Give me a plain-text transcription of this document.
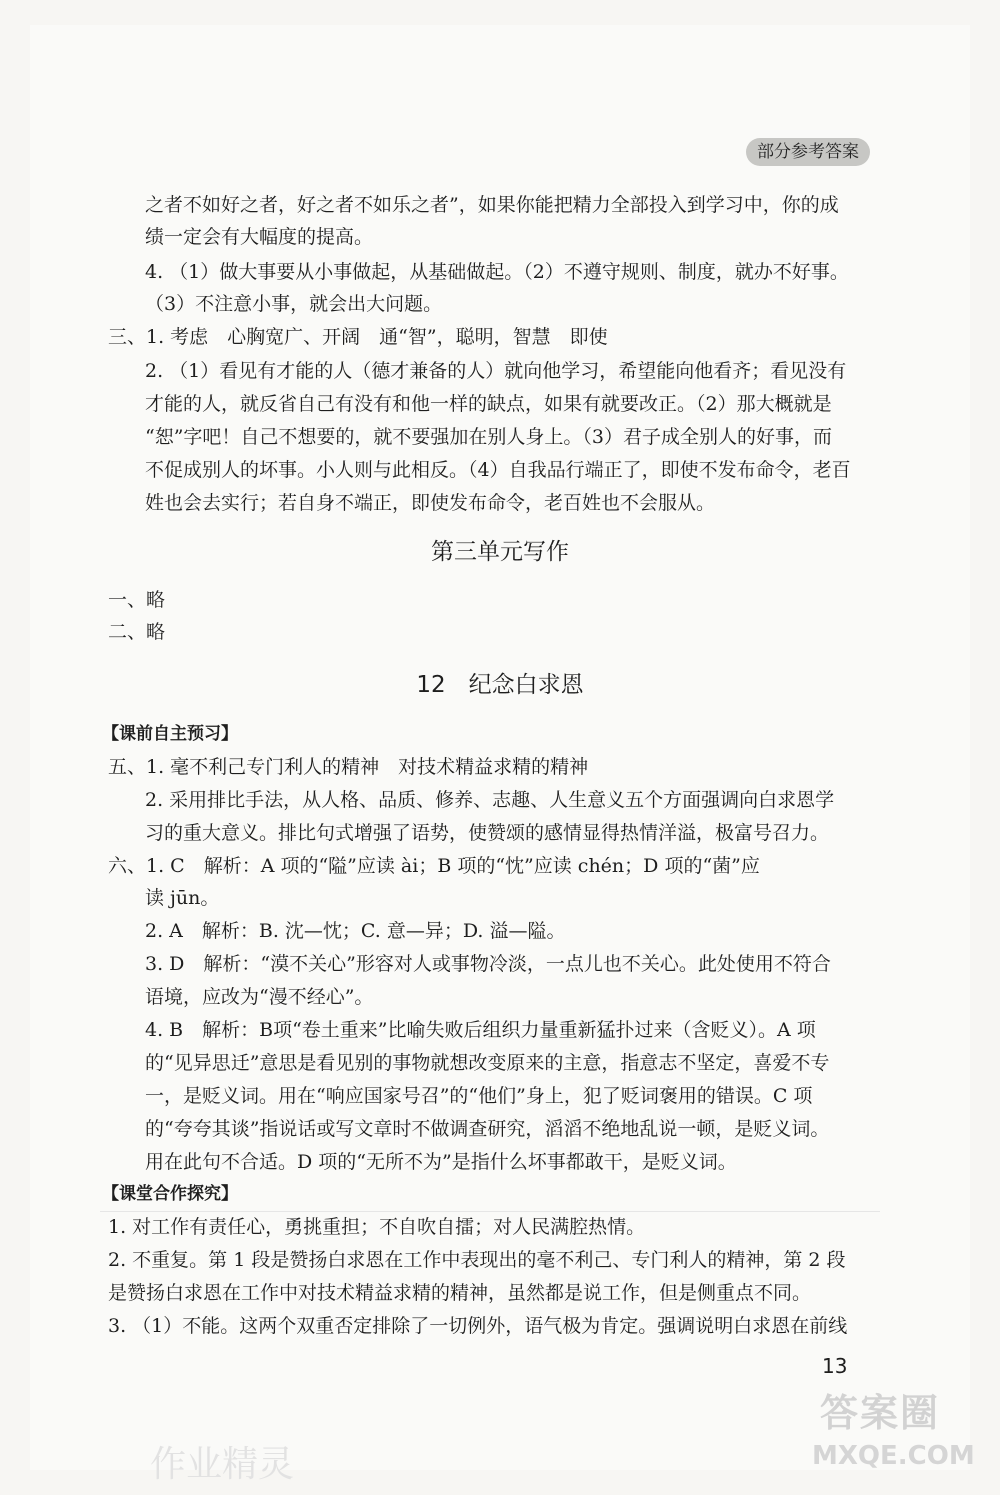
部分参考答案
之者不如好之者，好之者不如乐之者”，如果你能把精力全部投入到学习中，你的成
绩一定会有大幅度的提高。
4. （1）做大事要从小事做起，从基础做起。（2）不遵守规则、制度，就办不好事。
（3）不注意小事，就会出大问题。
三、1. 考虑　心胸宽广、开阔　通“智”，聪明，智慧　即使
2. （1）看见有才能的人（德才兼备的人）就向他学习，希望能向他看齐；看见没有
才能的人，就反省自己有没有和他一样的缺点，如果有就要改正。（2）那大概就是
“恕”字吧！自己不想要的，就不要强加在别人身上。（3）君子成全别人的好事，而
不促成别人的坏事。小人则与此相反。（4）自我品行端正了，即使不发布命令，老百
姓也会去实行；若自身不端正，即使发布命令，老百姓也不会服从。
第三单元写作
一、略
二、略
12　纪念白求恩
【课前自主预习】
五、1. 毫不利己专门利人的精神　对技术精益求精的精神
2. 采用排比手法，从人格、品质、修养、志趣、人生意义五个方面强调向白求恩学
习的重大意义。排比句式增强了语势，使赞颂的感情显得热情洋溢，极富号召力。
六、1. C　解析：A 项的“隘”应读 ài；B 项的“忱”应读 chén；D 项的“菌”应
读 jūn。
2. A　解析：B. 沈—忱；C. 意—异；D. 溢—隘。
3. D　解析：“漠不关心”形容对人或事物冷淡，一点儿也不关心。此处使用不符合
语境，应改为“漫不经心”。
4. B　解析：B项“卷土重来”比喻失败后组织力量重新猛扑过来（含贬义）。A 项
的“见异思迁”意思是看见别的事物就想改变原来的主意，指意志不坚定，喜爱不专
一，是贬义词。用在“响应国家号召”的“他们”身上，犯了贬词褒用的错误。C 项
的“夸夸其谈”指说话或写文章时不做调查研究，滔滔不绝地乱说一顿，是贬义词。
用在此句不合适。D 项的“无所不为”是指什么坏事都敢干，是贬义词。
【课堂合作探究】
1. 对工作有责任心，勇挑重担；不自吹自擂；对人民满腔热情。
2. 不重复。第 1 段是赞扬白求恩在工作中表现出的毫不利己、专门利人的精神，第 2 段
是赞扬白求恩在工作中对技术精益求精的精神，虽然都是说工作，但是侧重点不同。
3. （1）不能。这两个双重否定排除了一切例外，语气极为肯定。强调说明白求恩在前线
13
作业精灵
答案圈
MXQE.COM
